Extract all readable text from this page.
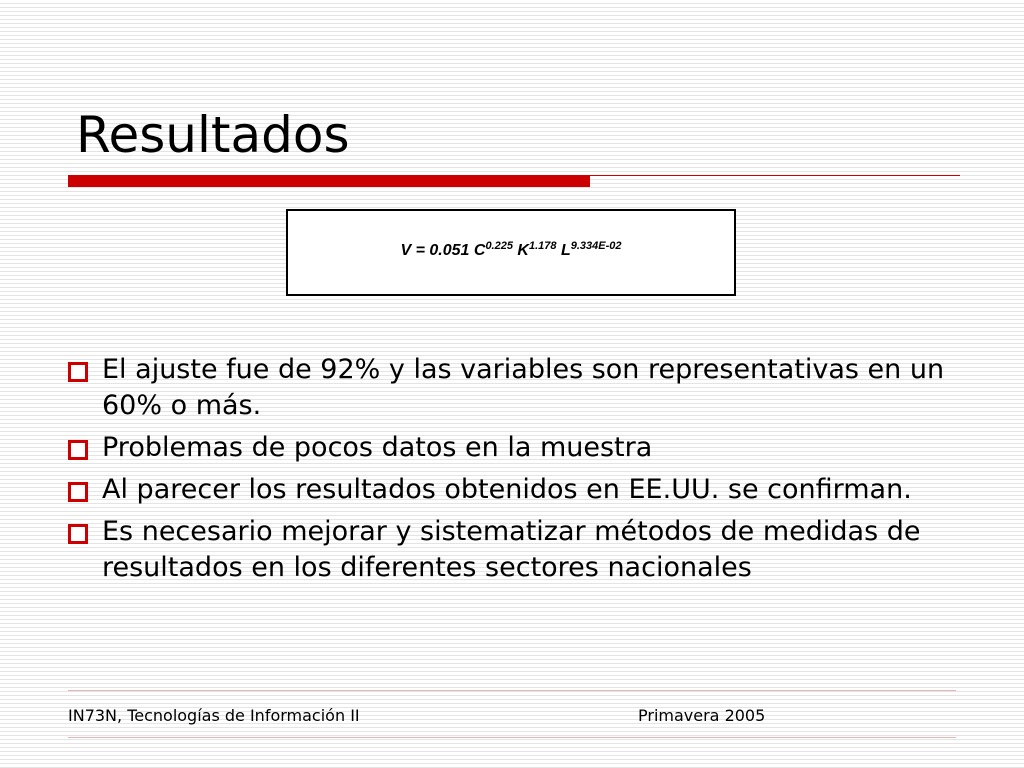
Resultados
V = 0.051 $C^{0.225}$ $K^{1.178}$ $L^{9.334E-02}$
El ajuste fue de 92% y las variables son representativas en un 60% o más.
Problemas de pocos datos en la muestra
Al parecer los resultados obtenidos en EE.UU. se confirman.
Es necesario mejorar y sistematizar métodos de medidas de resultados en los diferentes sectores nacionales
IN73N, Tecnologías de Información II	Primavera 2005
